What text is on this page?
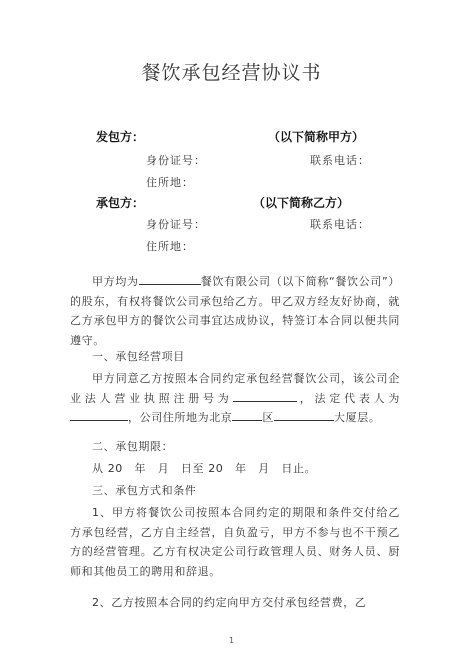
餐饮承包经营协议书
发包方：	（以下简称甲方）
身份证号：	联系电话：
住所地：
承包方：	（以下简称乙方）
身份证号：	联系电话：
住所地：
甲方均为	餐饮有限公司（以下简称“餐饮公司”）的股东，有权将餐饮公司承包给乙方。甲乙双方经友好协商，就乙方承包甲方的餐饮公司事宜达成协议，特签订本合同以便共同遵守。
一、承包经营项目
甲方同意乙方按照本合同约定承包经营餐饮公司，该公司企业法人营业执照注册号为	，法定代表人为，公司住所地为北京	区	大厦层。
二、承包期限：
从 20　年　月　日至 20　年　月　日止。
三、承包方式和条件
1、甲方将餐饮公司按照本合同约定的期限和条件交付给乙方承包经营，乙方自主经营，自负盈亏，甲方不参与也不干预乙方的经营管理。乙方有权决定公司行政管理人员、财务人员、厨师和其他员工的聘用和辞退。
2、乙方按照本合同的约定向甲方交付承包经营费，乙
1
